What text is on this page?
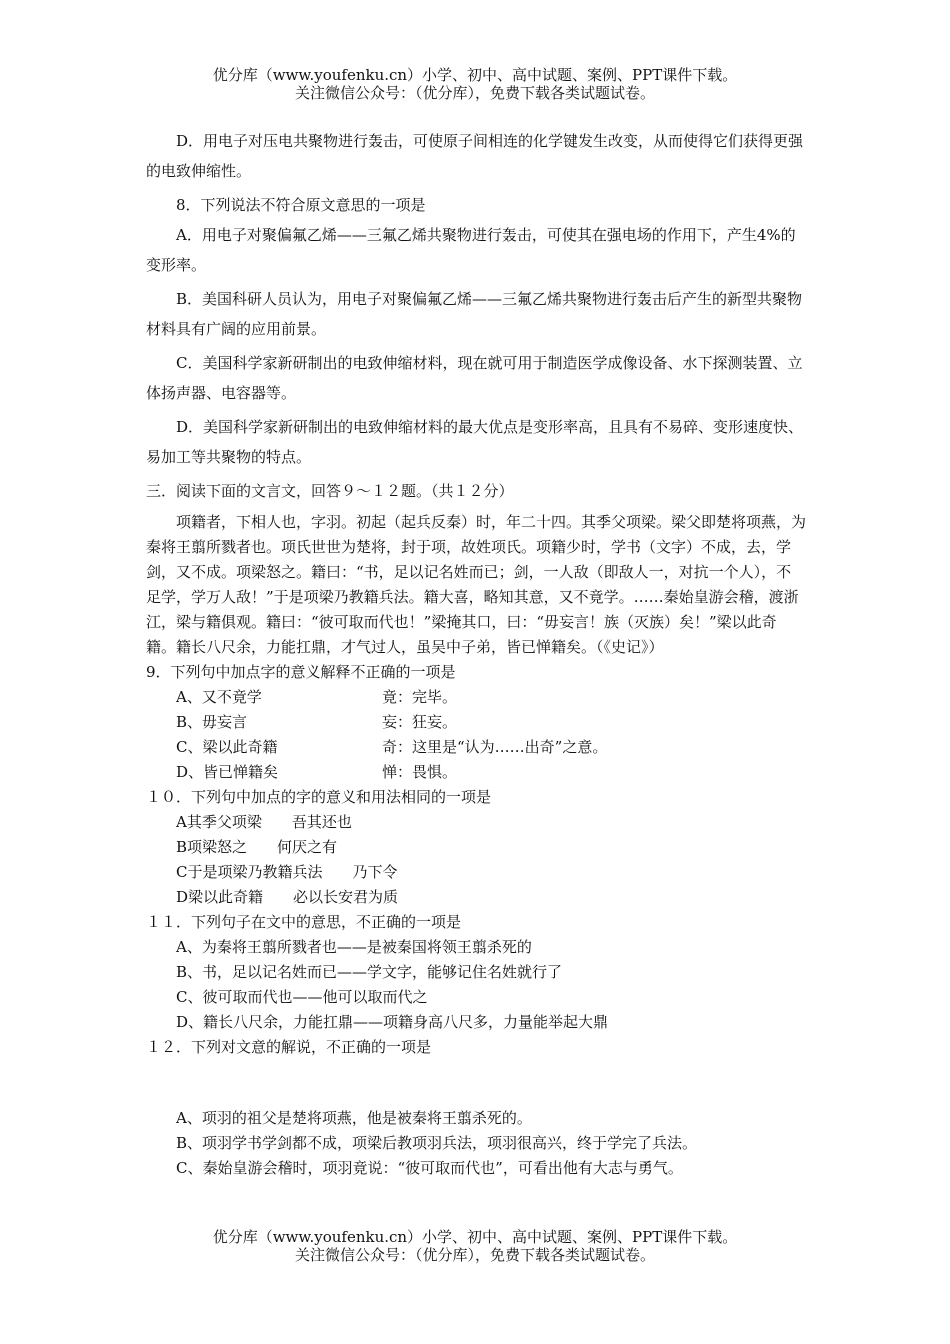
优分库（www.youfenku.cn）小学、初中、高中试题、案例、PPT课件下载。
关注微信公众号：（优分库），免费下载各类试题试卷。

D．用电子对压电共聚物进行轰击，可使原子间相连的化学键发生改变，从而使得它们获得更强的电致伸缩性。

8．下列说法不符合原文意思的一项是

A．用电子对聚偏氟乙烯——三氟乙烯共聚物进行轰击，可使其在强电场的作用下，产生4%的变形率。

B．美国科研人员认为，用电子对聚偏氟乙烯——三氟乙烯共聚物进行轰击后产生的新型共聚物材料具有广阔的应用前景。

C．美国科学家新研制出的电致伸缩材料，现在就可用于制造医学成像设备、水下探测装置、立体扬声器、电容器等。

D．美国科学家新研制出的电致伸缩材料的最大优点是变形率高，且具有不易碎、变形速度快、易加工等共聚物的特点。

三．阅读下面的文言文，回答９～１２题。（共１２分）

项籍者，下相人也，字羽。初起（起兵反秦）时，年二十四。其季父项梁。梁父即楚将项燕，为秦将王翦所戮者也。项氏世世为楚将，封于项，故姓项氏。项籍少时，学书（文字）不成，去，学剑，又不成。项梁怒之。籍曰：“书，足以记名姓而已；剑，一人敌（即敌人一，对抗一个人），不足学，学万人敌！”于是项梁乃教籍兵法。籍大喜，略知其意，又不竟学。……秦始皇游会稽，渡浙江，梁与籍俱观。籍曰：“彼可取而代也！”梁掩其口，曰：“毋妄言！族（灭族）矣！”梁以此奇籍。籍长八尺余，力能扛鼎，才气过人，虽吴中子弟，皆已惮籍矣。（《史记》）

9．下列句中加点字的意义解释不正确的一项是

A、又不竟学	竟：完毕。
B、毋妄言	妄：狂妄。
C、梁以此奇籍	奇：这里是“认为……出奇”之意。
D、皆已惮籍矣	惮：畏惧。

１０．下列句中加点的字的意义和用法相同的一项是

A其季父项梁　　吾其还也
B项梁怒之　　何厌之有
C于是项梁乃教籍兵法　　乃下令
D梁以此奇籍　　必以长安君为质

１１．下列句子在文中的意思，不正确的一项是

A、为秦将王翦所戮者也——是被秦国将领王翦杀死的
B、书，足以记名姓而已——学文字，能够记住名姓就行了
C、彼可取而代也——他可以取而代之
D、籍长八尺余，力能扛鼎——项籍身高八尺多，力量能举起大鼎

１２．下列对文意的解说，不正确的一项是

A、项羽的祖父是楚将项燕，他是被秦将王翦杀死的。
B、项羽学书学剑都不成，项梁后教项羽兵法，项羽很高兴，终于学完了兵法。
C、秦始皇游会稽时，项羽竟说：“彼可取而代也”，可看出他有大志与勇气。
优分库（www.youfenku.cn）小学、初中、高中试题、案例、PPT课件下载。
关注微信公众号：（优分库），免费下载各类试题试卷。
